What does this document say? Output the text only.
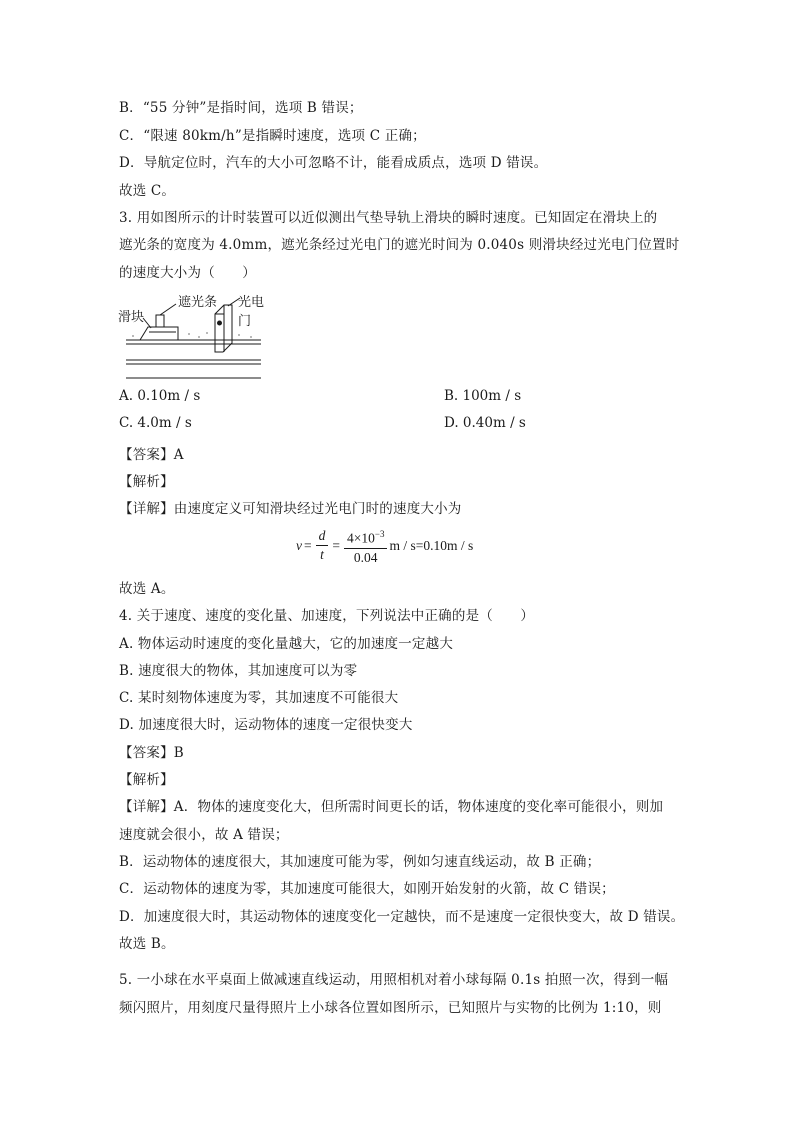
B．“55 分钟”是指时间，选项 B 错误；
C．“限速 80km/h”是指瞬时速度，选项 C 正确；
D．导航定位时，汽车的大小可忽略不计，能看成质点，选项 D 错误。
故选 C。
3. 用如图所示的计时装置可以近似测出气垫导轨上滑块的瞬时速度。已知固定在滑块上的
遮光条的宽度为 4.0mm，遮光条经过光电门的遮光时间为 0.040s 则滑块经过光电门位置时
的速度大小为（　　）
滑块
遮光条 光电门
A. 0.10m / s	B. 100m / s
C. 4.0m / s	D. 0.40m / s
【答案】A
【解析】
【详解】由速度定义可知滑块经过光电门时的速度大小为
$v = \frac{d}{t} = \frac{4\times 10^{-3}}{0.04}$ m / s=0.10m / s
故选 A。
4. 关于速度、速度的变化量、加速度，下列说法中正确的是（　　）
A. 物体运动时速度的变化量越大，它的加速度一定越大
B. 速度很大的物体，其加速度可以为零
C. 某时刻物体速度为零，其加速度不可能很大
D. 加速度很大时，运动物体的速度一定很快变大
【答案】B
【解析】
【详解】A．物体的速度变化大，但所需时间更长的话，物体速度的变化率可能很小，则加
速度就会很小，故 A 错误；
B．运动物体的速度很大，其加速度可能为零，例如匀速直线运动，故 B 正确；
C．运动物体的速度为零，其加速度可能很大，如刚开始发射的火箭，故 C 错误；
D．加速度很大时，其运动物体的速度变化一定越快，而不是速度一定很快变大，故 D 错误。
故选 B。
5. 一小球在水平桌面上做减速直线运动，用照相机对着小球每隔 0.1s 拍照一次，得到一幅
频闪照片，用刻度尺量得照片上小球各位置如图所示，已知照片与实物的比例为 1:10，则
